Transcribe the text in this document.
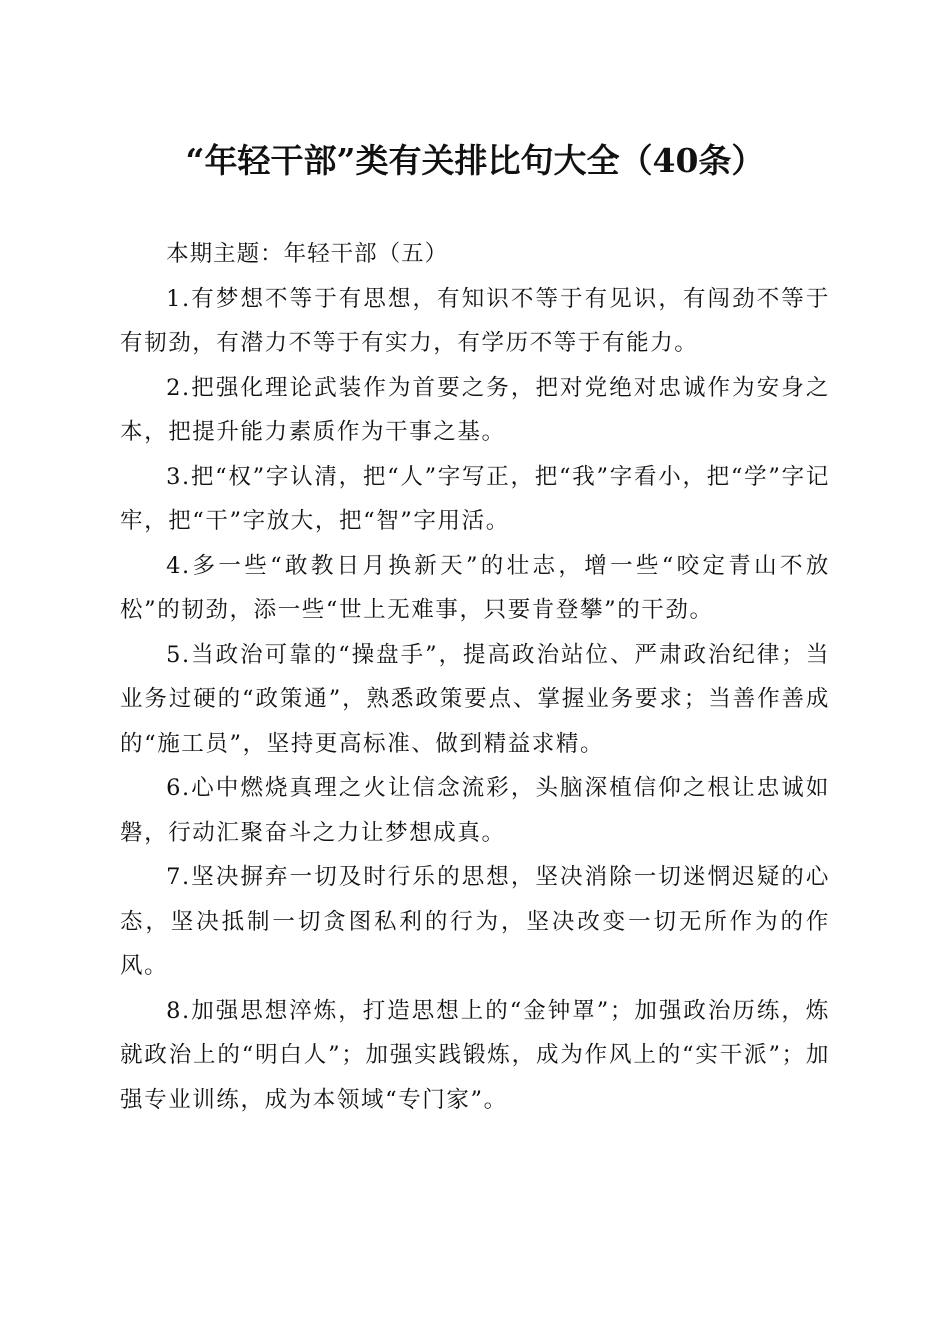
“年轻干部”类有关排比句大全（40条）

本期主题：年轻干部（五）

1.有梦想不等于有思想，有知识不等于有见识，有闯劲不等于有韧劲，有潜力不等于有实力，有学历不等于有能力。

2.把强化理论武装作为首要之务，把对党绝对忠诚作为安身之本，把提升能力素质作为干事之基。

3.把“权”字认清，把“人”字写正，把“我”字看小，把“学”字记牢，把“干”字放大，把“智”字用活。

4.多一些“敢教日月换新天”的壮志，增一些“咬定青山不放松”的韧劲，添一些“世上无难事，只要肯登攀”的干劲。

5.当政治可靠的“操盘手”，提高政治站位、严肃政治纪律；当业务过硬的“政策通”，熟悉政策要点、掌握业务要求；当善作善成的“施工员”，坚持更高标准、做到精益求精。

6.心中燃烧真理之火让信念流彩，头脑深植信仰之根让忠诚如磐，行动汇聚奋斗之力让梦想成真。

7.坚决摒弃一切及时行乐的思想，坚决消除一切迷惘迟疑的心态，坚决抵制一切贪图私利的行为，坚决改变一切无所作为的作风。

8.加强思想淬炼，打造思想上的“金钟罩”；加强政治历练，炼就政治上的“明白人”；加强实践锻炼，成为作风上的“实干派”；加强专业训练，成为本领域“专门家”。
